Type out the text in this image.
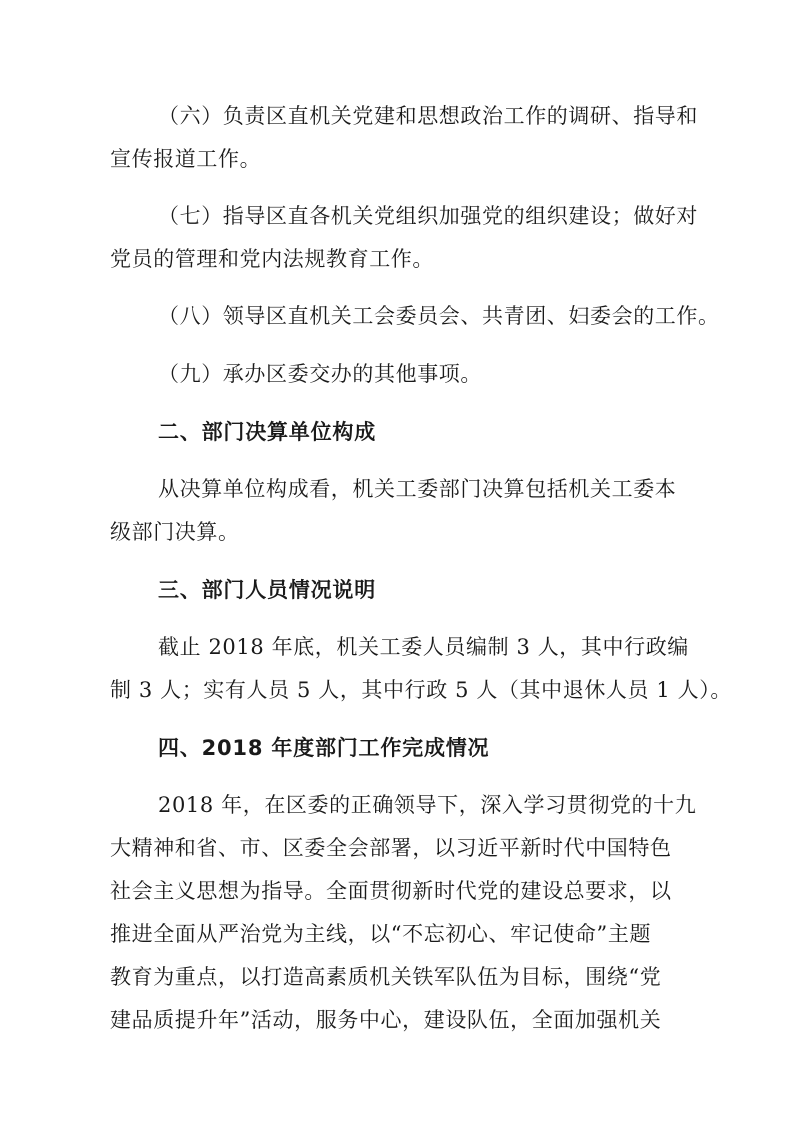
（六）负责区直机关党建和思想政治工作的调研、指导和
宣传报道工作。
（七）指导区直各机关党组织加强党的组织建设；做好对
党员的管理和党内法规教育工作。
（八）领导区直机关工会委员会、共青团、妇委会的工作。
（九）承办区委交办的其他事项。
二、部门决算单位构成
从决算单位构成看，机关工委部门决算包括机关工委本
级部门决算。
三、部门人员情况说明
截止 2018 年底，机关工委人员编制 3 人，其中行政编
制 3 人；实有人员 5 人，其中行政 5 人（其中退休人员 1 人）。
四、2018 年度部门工作完成情况
2018 年，在区委的正确领导下，深入学习贯彻党的十九
大精神和省、市、区委全会部署，以习近平新时代中国特色
社会主义思想为指导。全面贯彻新时代党的建设总要求，以
推进全面从严治党为主线，以“不忘初心、牢记使命”主题
教育为重点，以打造高素质机关铁军队伍为目标，围绕“党
建品质提升年”活动，服务中心，建设队伍，全面加强机关
